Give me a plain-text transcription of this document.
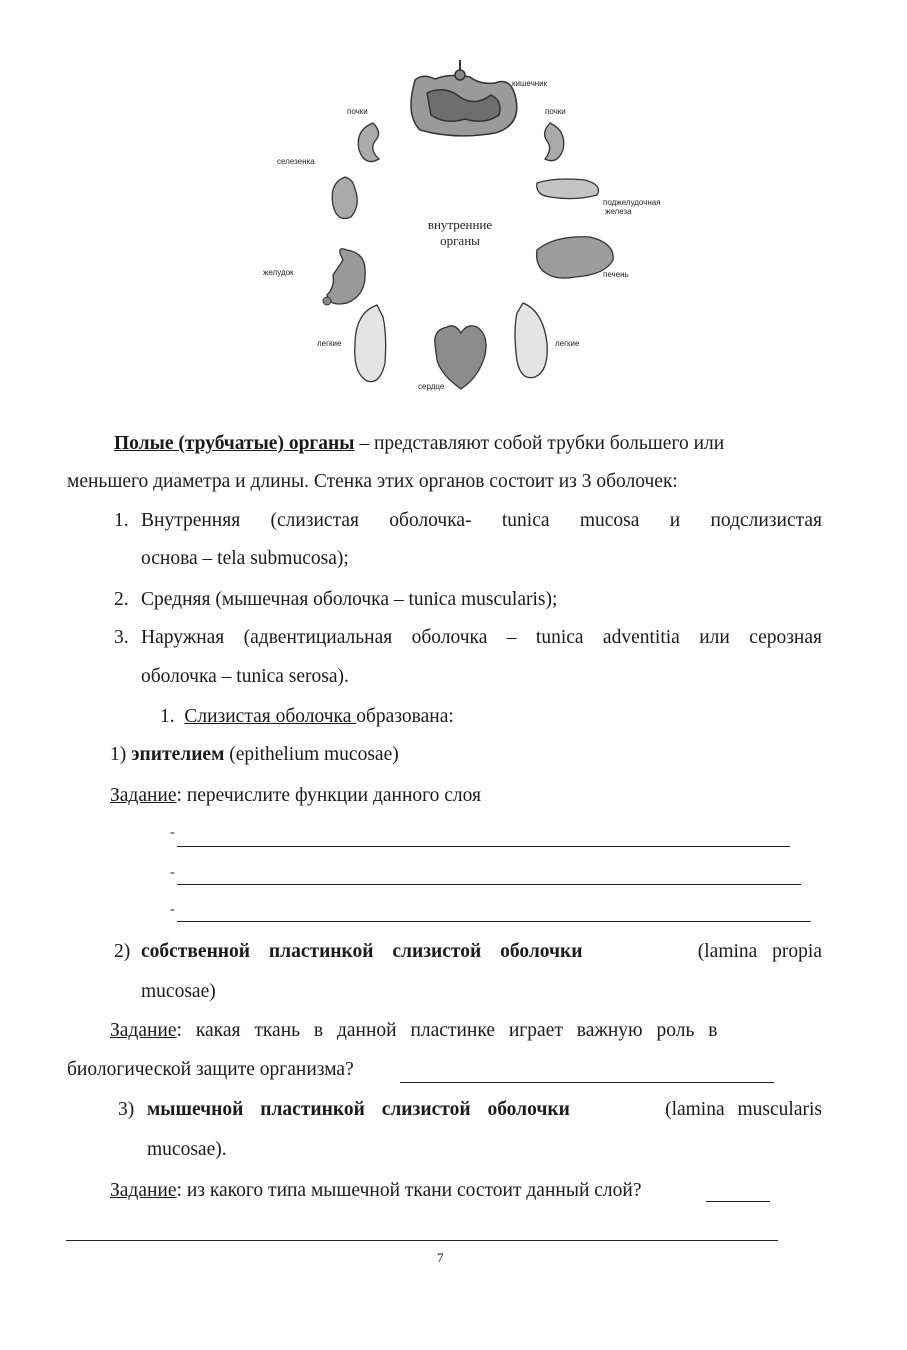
кишечник
почки	почки
селезенка
поджелудочная
железа
желудок	печень
легкие	легкие
сердце
внутренние
органы
Полые (трубчатые) органы – представляют собой трубки большего или
меньшего диаметра и длины. Стенка этих органов состоит из 3 оболочек:
1. Внутренняя (слизистая оболочка- tunica mucosa и подслизистая
основа – tela submucosa);
2. Средняя (мышечная оболочка – tunica muscularis);
3. Наружная (адвентициальная оболочка – tunica adventitia или серозная
оболочка – tunica serosa).
1. Слизистая оболочка образована:
1) эпителием (epithelium mucosae)
Задание: перечислите функции данного слоя
-
-
-
2) собственной пластинкой слизистой оболочки	(lamina propia
mucosae)
Задание: какая ткань в данной пластинке играет важную роль в
биологической защите организма?
3) мышечной пластинкой слизистой оболочки	(lamina muscularis
mucosae).
Задание: из какого типа мышечной ткани состоит данный слой?
7
